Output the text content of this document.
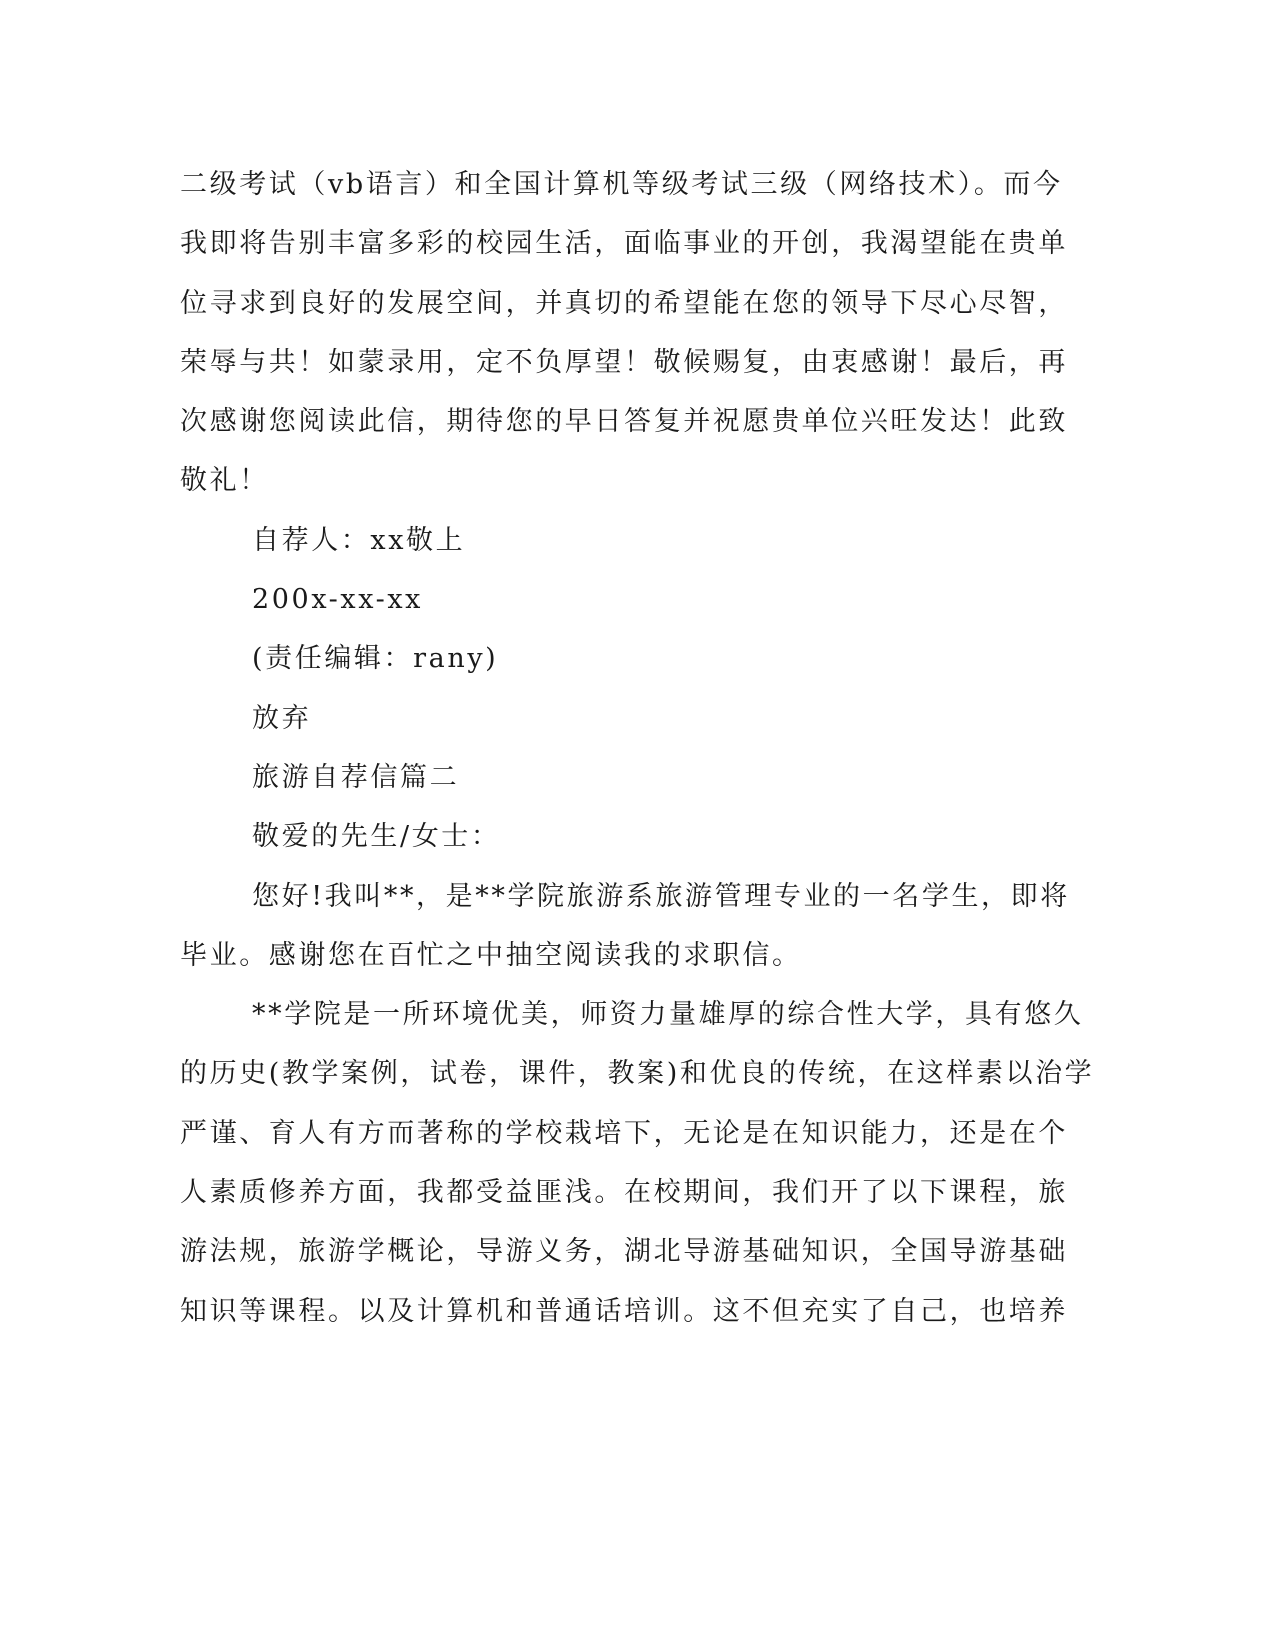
二级考试（vb语言）和全国计算机等级考试三级（网络技术）。而今
我即将告别丰富多彩的校园生活，面临事业的开创，我渴望能在贵单
位寻求到良好的发展空间，并真切的希望能在您的领导下尽心尽智，
荣辱与共！如蒙录用，定不负厚望！敬候赐复，由衷感谢！最后，再
次感谢您阅读此信，期待您的早日答复并祝愿贵单位兴旺发达！此致
敬礼！
自荐人：xx敬上
200x-xx-xx
(责任编辑：rany)
放弃
旅游自荐信篇二
敬爱的先生/女士：
您好!我叫**，是**学院旅游系旅游管理专业的一名学生，即将
毕业。感谢您在百忙之中抽空阅读我的求职信。
**学院是一所环境优美，师资力量雄厚的综合性大学，具有悠久
的历史(教学案例，试卷，课件，教案)和优良的传统，在这样素以治学
严谨、育人有方而著称的学校栽培下，无论是在知识能力，还是在个
人素质修养方面，我都受益匪浅。在校期间，我们开了以下课程，旅
游法规，旅游学概论，导游义务，湖北导游基础知识，全国导游基础
知识等课程。以及计算机和普通话培训。这不但充实了自己，也培养
